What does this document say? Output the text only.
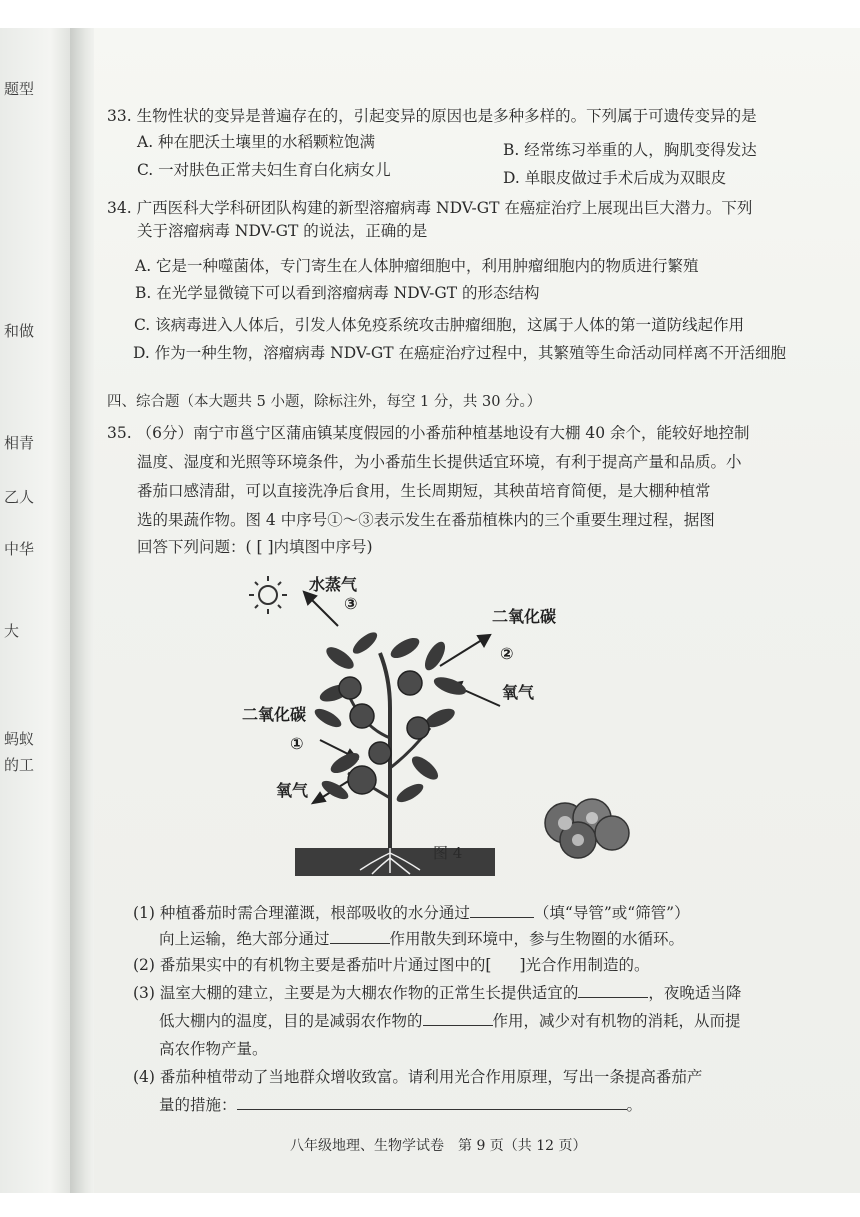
题型
和做
相青
乙人
中华
大
蚂蚁
的工
33. 生物性状的变异是普遍存在的，引起变异的原因也是多种多样的。下列属于可遗传变异的是
A. 种在肥沃土壤里的水稻颗粒饱满	B. 经常练习举重的人，胸肌变得发达
C. 一对肤色正常夫妇生育白化病女儿	D. 单眼皮做过手术后成为双眼皮
34. 广西医科大学科研团队构建的新型溶瘤病毒 NDV-GT 在癌症治疗上展现出巨大潜力。下列
关于溶瘤病毒 NDV-GT 的说法，正确的是
A. 它是一种噬菌体，专门寄生在人体肿瘤细胞中，利用肿瘤细胞内的物质进行繁殖
B. 在光学显微镜下可以看到溶瘤病毒 NDV-GT 的形态结构
C. 该病毒进入人体后，引发人体免疫系统攻击肿瘤细胞，这属于人体的第一道防线起作用
D. 作为一种生物，溶瘤病毒 NDV-GT 在癌症治疗过程中，其繁殖等生命活动同样离不开活细胞
四、综合题（本大题共 5 小题，除标注外，每空 1 分，共 30 分。）
35. （6分）南宁市邕宁区蒲庙镇某度假园的小番茄种植基地设有大棚 40 余个，能较好地控制
温度、湿度和光照等环境条件，为小番茄生长提供适宜环境，有利于提高产量和品质。小
番茄口感清甜，可以直接洗净后食用，生长周期短，其秧苗培育简便，是大棚种植常
选的果蔬作物。图 4 中序号①～③表示发生在番茄植株内的三个重要生理过程，据图
回答下列问题：( [ ]内填图中序号)
水蒸气
③
二氧化碳
②
氧气
二氧化碳
①
氧气
图 4
(1) 种植番茄时需合理灌溉，根部吸收的水分通过	（填“导管”或“筛管”）
向上运输，绝大部分通过	作用散失到环境中，参与生物圈的水循环。
(2) 番茄果实中的有机物主要是番茄叶片通过图中的[ ]光合作用制造的。
(3) 温室大棚的建立，主要是为大棚农作物的正常生长提供适宜的	，夜晚适当降
低大棚内的温度，目的是减弱农作物的	作用，减少对有机物的消耗，从而提
高农作物产量。
(4) 番茄种植带动了当地群众增收致富。请利用光合作用原理，写出一条提高番茄产
量的措施：	。
八年级地理、生物学试卷　第 9 页（共 12 页）
